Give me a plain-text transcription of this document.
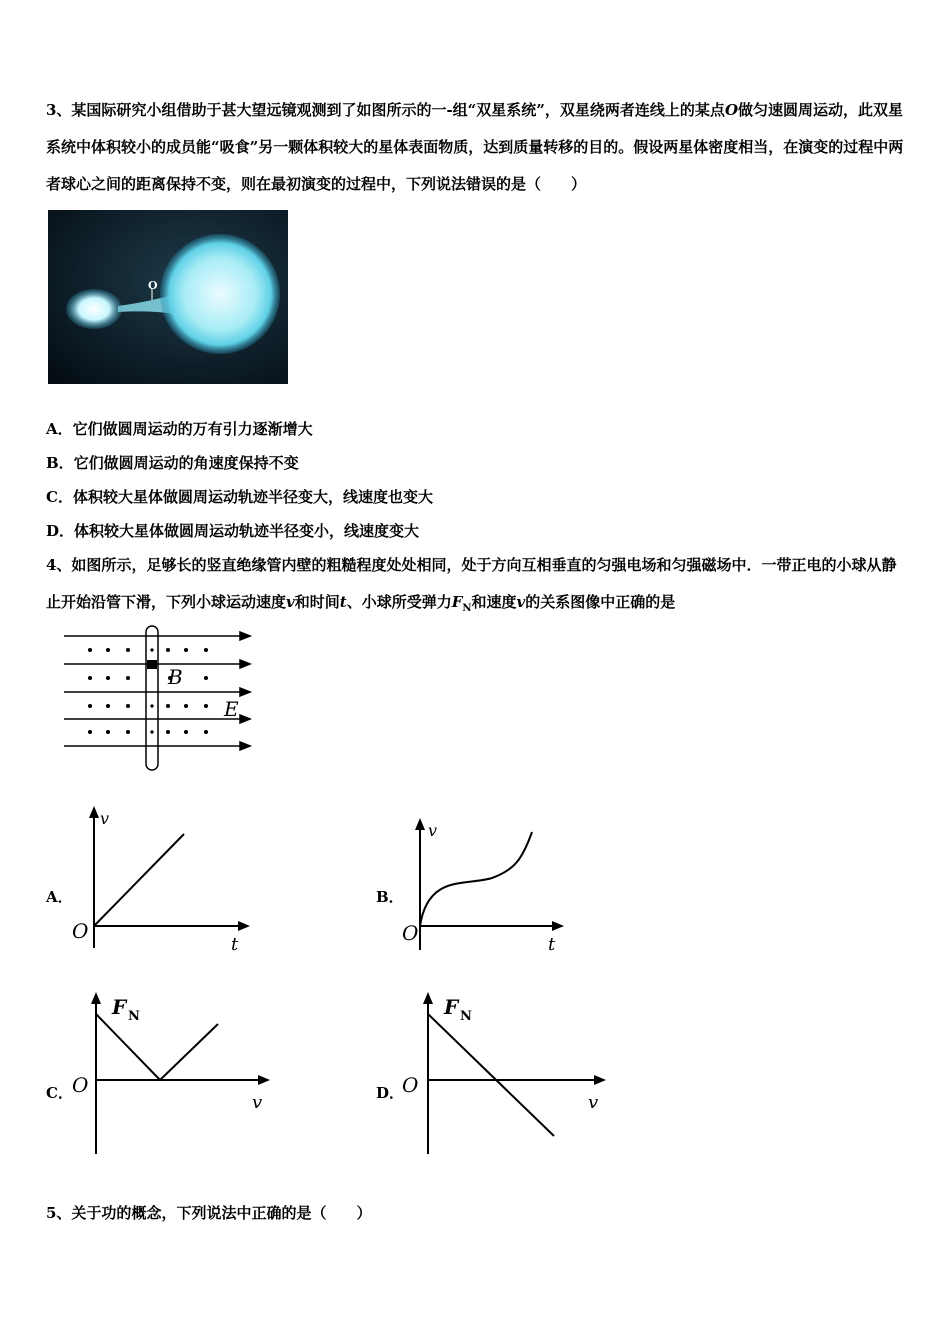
3、某国际研究小组借助于甚大望远镜观测到了如图所示的一-组“双星系统”，双星绕两者连线上的某点O做匀速圆周运动，此双星系统中体积较小的成员能“吸食”另一颗体积较大的星体表面物质，达到质量转移的目的。假设两星体密度相当，在演变的过程中两者球心之间的距离保持不变，则在最初演变的过程中，下列说法错误的是（　　）
O
A．它们做圆周运动的万有引力逐渐增大
B．它们做圆周运动的角速度保持不变
C．体积较大星体做圆周运动轨迹半径变大，线速度也变大
D．体积较大星体做圆周运动轨迹半径变小，线速度变大
4、如图所示，足够长的竖直绝缘管内壁的粗糙程度处处相同，处于方向互相垂直的匀强电场和匀强磁场中．一带正电的小球从静止开始沿管下滑，下列小球运动速度v和时间t、小球所受弹力$F_N$和速度v的关系图像中正确的是
B
E
A．
v
t
O
B．
v
t
O
C．
F N
v
O	D．
F N
v
O
5、关于功的概念，下列说法中正确的是（　　）
